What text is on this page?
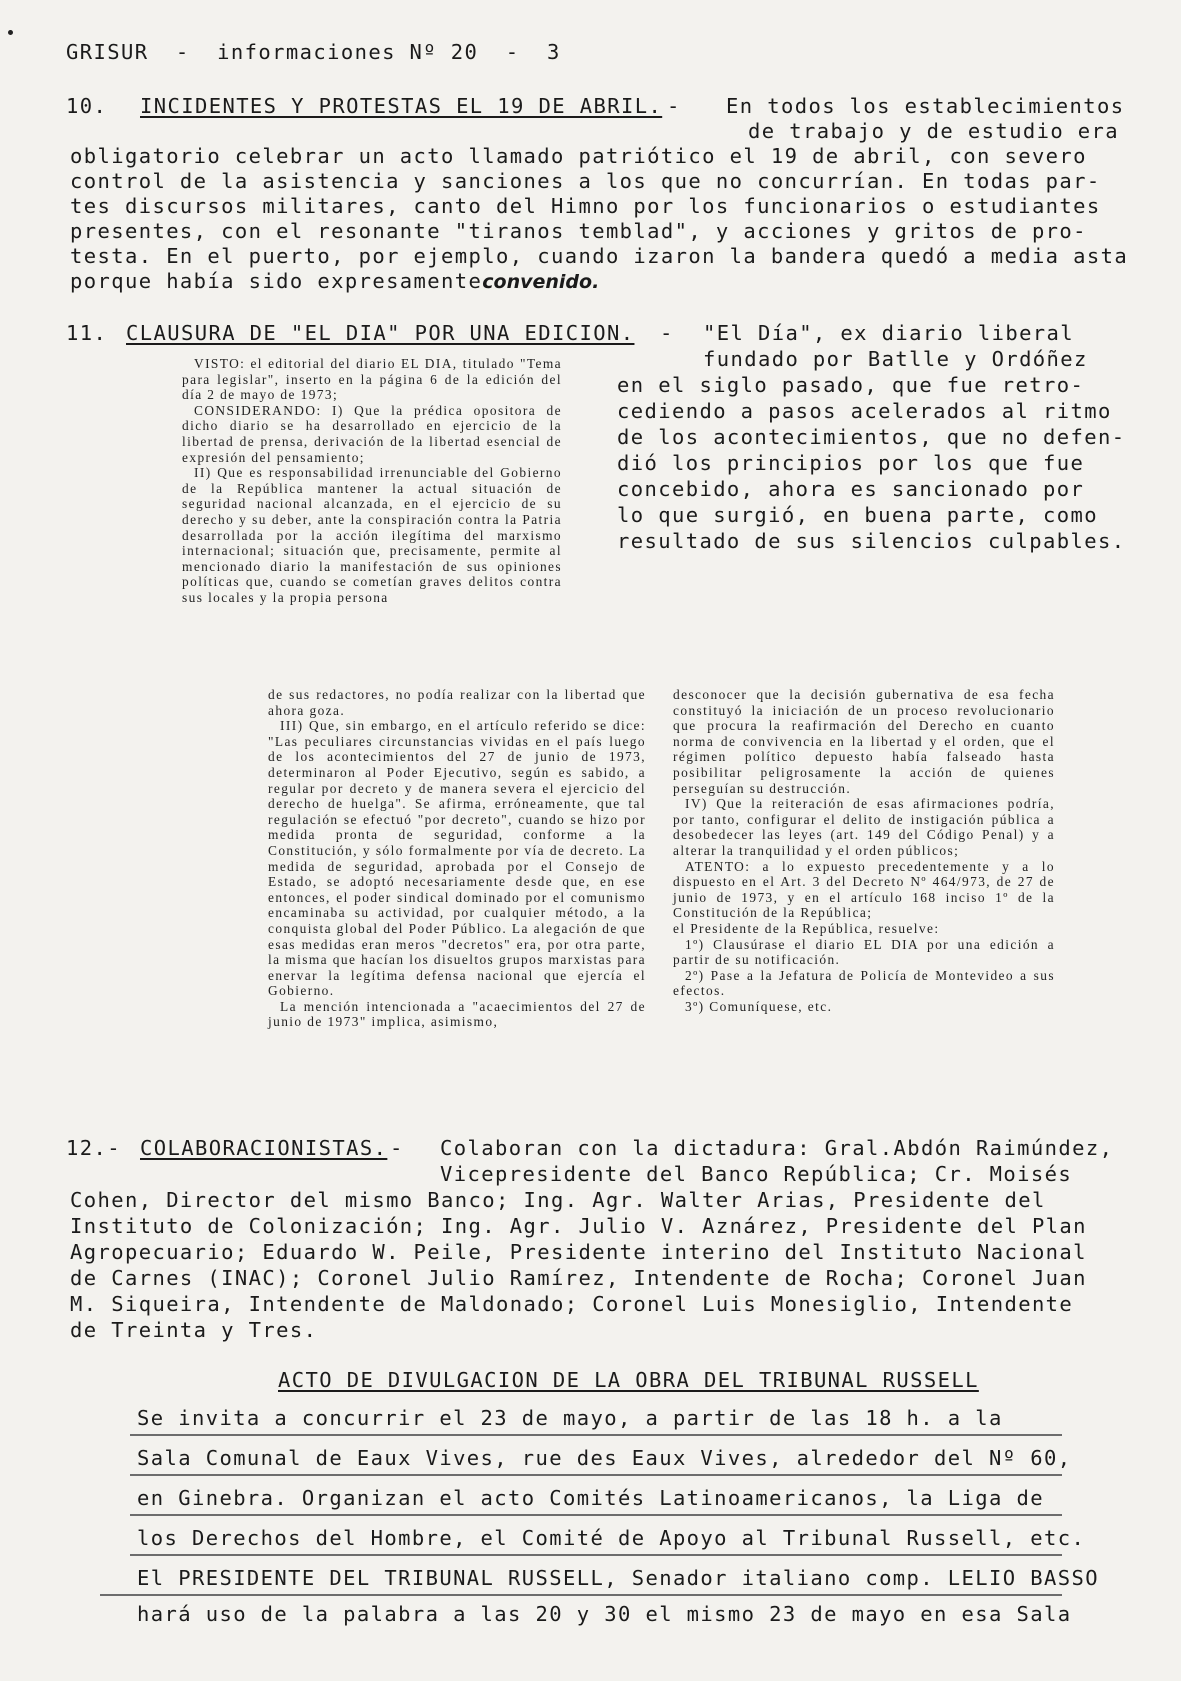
GRISUR  -  informaciones Nº 20  -  3
10. INCIDENTES Y PROTESTAS EL 19 DE ABRIL. - En todos los establecimientos
de trabajo y de estudio era
obligatorio celebrar un acto llamado patriótico el 19 de abril, con severo
control de la asistencia y sanciones a los que no concurrían. En todas par-
tes discursos militares, canto del Himno por los funcionarios o estudiantes
presentes, con el resonante "tiranos temblad", y acciones y gritos de pro-
testa. En el puerto, por ejemplo, cuando izaron la bandera quedó a media asta
porque había sido expresamenteconvenido.
11. CLAUSURA DE "EL DIA" POR UNA EDICION. - "El Día", ex diario liberal
fundado por Batlle y Ordóñez
en el siglo pasado, que fue retro-
cediendo a pasos acelerados al ritmo
de los acontecimientos, que no defen-
dió los principios por los que fue
concebido, ahora es sancionado por
lo que surgió, en buena parte, como
resultado de sus silencios culpables.

VISTO: el editorial del diario EL DIA, titulado "Tema para legislar", inserto en la página 6 de la edición del día 2 de mayo de 1973;

CONSIDERANDO: I) Que la prédica opositora de dicho diario se ha desarrollado en ejercicio de la libertad de prensa, derivación de la libertad esencial de expresión del pensamiento;

II) Que es responsabilidad irrenunciable del Gobierno de la República mantener la actual situación de seguridad nacional alcanzada, en el ejercicio de su derecho y su deber, ante la conspiración contra la Patria desarrollada por la acción ilegítima del marxismo internacional; situación que, precisamente, permite al mencionado diario la manifestación de sus opiniones políticas que, cuando se cometían graves delitos contra sus locales y la propia persona

de sus redactores, no podía realizar con la libertad que ahora goza.

III) Que, sin embargo, en el artículo referido se dice: "Las peculiares circunstancias vividas en el país luego de los acontecimientos del 27 de junio de 1973, determinaron al Poder Ejecutivo, según es sabido, a regular por decreto y de manera severa el ejercicio del derecho de huelga". Se afirma, erróneamente, que tal regulación se efectuó "por decreto", cuando se hizo por medida pronta de seguridad, conforme a la Constitución, y sólo formalmente por vía de decreto. La medida de seguridad, aprobada por el Consejo de Estado, se adoptó necesariamente desde que, en ese entonces, el poder sindical dominado por el comunismo encaminaba su actividad, por cualquier método, a la conquista global del Poder Público. La alegación de que esas medidas eran meros "decretos" era, por otra parte, la misma que hacían los disueltos grupos marxistas para enervar la legítima defensa nacional que ejercía el Gobierno.

La mención intencionada a "acaecimientos del 27 de junio de 1973" implica, asimismo,

desconocer que la decisión gubernativa de esa fecha constituyó la iniciación de un proceso revolucionario que procura la reafirmación del Derecho en cuanto norma de convivencia en la libertad y el orden, que el régimen político depuesto había falseado hasta posibilitar peligrosamente la acción de quienes perseguían su destrucción.

IV) Que la reiteración de esas afirmaciones podría, por tanto, configurar el delito de instigación pública a desobedecer las leyes (art. 149 del Código Penal) y a alterar la tranquilidad y el orden públicos;

ATENTO: a lo expuesto precedentemente y a lo dispuesto en el Art. 3 del Decreto Nº 464/973, de 27 de junio de 1973, y en el artículo 168 inciso 1º de la Constitución de la República;

el Presidente de la República, resuelve:

1º) Clausúrase el diario EL DIA por una edición a partir de su notificación.

2º) Pase a la Jefatura de Policía de Montevideo a sus efectos.

3º) Comuníquese, etc.

12.- COLABORACIONISTAS. - Colaboran con la dictadura: Gral.Abdón Raimúndez,
Vicepresidente del Banco República; Cr. Moisés
Cohen, Director del mismo Banco; Ing. Agr. Walter Arias, Presidente del
Instituto de Colonización; Ing. Agr. Julio V. Aznárez, Presidente del Plan
Agropecuario; Eduardo W. Peile, Presidente interino del Instituto Nacional
de Carnes (INAC); Coronel Julio Ramírez, Intendente de Rocha; Coronel Juan
M. Siqueira, Intendente de Maldonado; Coronel Luis Monesiglio, Intendente
de Treinta y Tres.
ACTO DE DIVULGACION DE LA OBRA DEL TRIBUNAL RUSSELL
Se invita a concurrir el 23 de mayo, a partir de las 18 h. a la
Sala Comunal de Eaux Vives, rue des Eaux Vives, alrededor del Nº 60,
en Ginebra. Organizan el acto Comités Latinoamericanos, la Liga de
los Derechos del Hombre, el Comité de Apoyo al Tribunal Russell, etc.
El PRESIDENTE DEL TRIBUNAL RUSSELL, Senador italiano comp. LELIO BASSO
hará uso de la palabra a las 20 y 30 el mismo 23 de mayo en esa Sala
